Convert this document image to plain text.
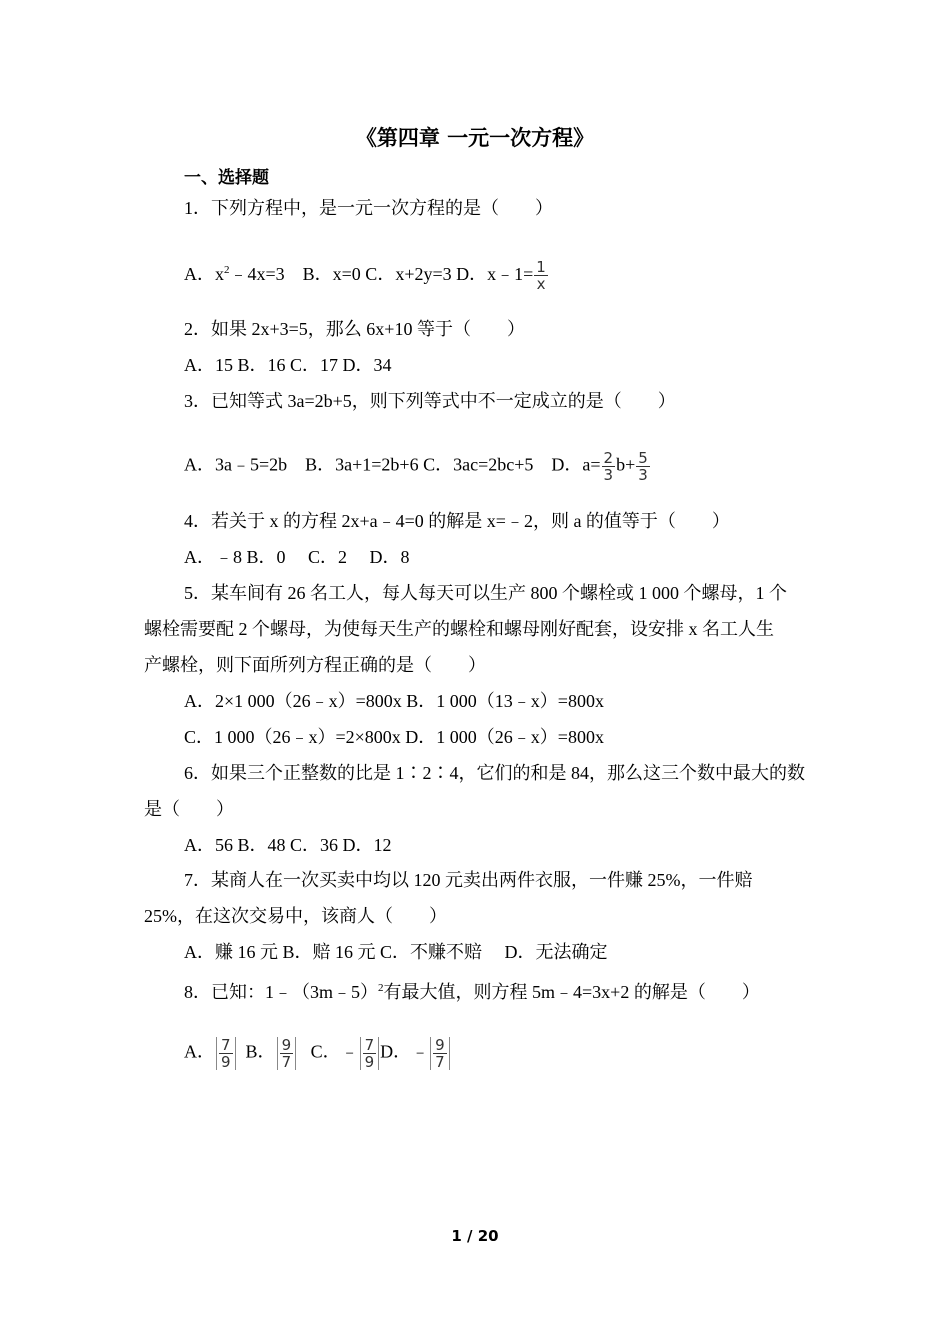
《第四章 一元一次方程》
一、选择题
1．下列方程中，是一元一次方程的是（　　）
A．$x^2﹣4x=3$　B．x=0 C．x+2y=3 D．x﹣1= $\frac{1}{x}$
2．如果 2x+3=5，那么 6x+10 等于（　　）
A．15 B．16 C．17 D．34
3．已知等式 3a=2b+5，则下列等式中不一定成立的是（　　）
A．3a﹣5=2b　B．3a+1=2b+6 C．3ac=2bc+5　D．$a= \frac{2}{3} b+ \frac{5}{3}$
4．若关于 x 的方程 2x+a﹣4=0 的解是 x=﹣2，则 a 的值等于（　　）
A．﹣8 B．0　 C．2　 D．8
5．某车间有 26 名工人，每人每天可以生产 800 个螺栓或 1 000 个螺母，1 个
螺栓需要配 2 个螺母，为使每天生产的螺栓和螺母刚好配套，设安排 x 名工人生
产螺栓，则下面所列方程正确的是（　　）
A．2×1 000（26﹣x）=800x B．1 000（13﹣x）=800x
C．1 000（26﹣x）=2×800x D．1 000（26﹣x）=800x
6．如果三个正整数的比是 1∶2∶4，它们的和是 84，那么这三个数中最大的数
是（　　）
A．56 B．48 C．36 D．12
7．某商人在一次买卖中均以 120 元卖出两件衣服，一件赚 25%，一件赔
25%，在这次交易中，该商人（　　）
A．赚 16 元 B．赔 16 元 C．不赚不赔　 D．无法确定
8．已知：1﹣（3m﹣5）$^2$有最大值，则方程 5m﹣4=3x+2 的解是（　　）
A． $\frac{7}{9}$ B． $\frac{9}{7}$ C．﹣ $\frac{7}{9}$ D．﹣ $\frac{9}{7}$
1 / 20
